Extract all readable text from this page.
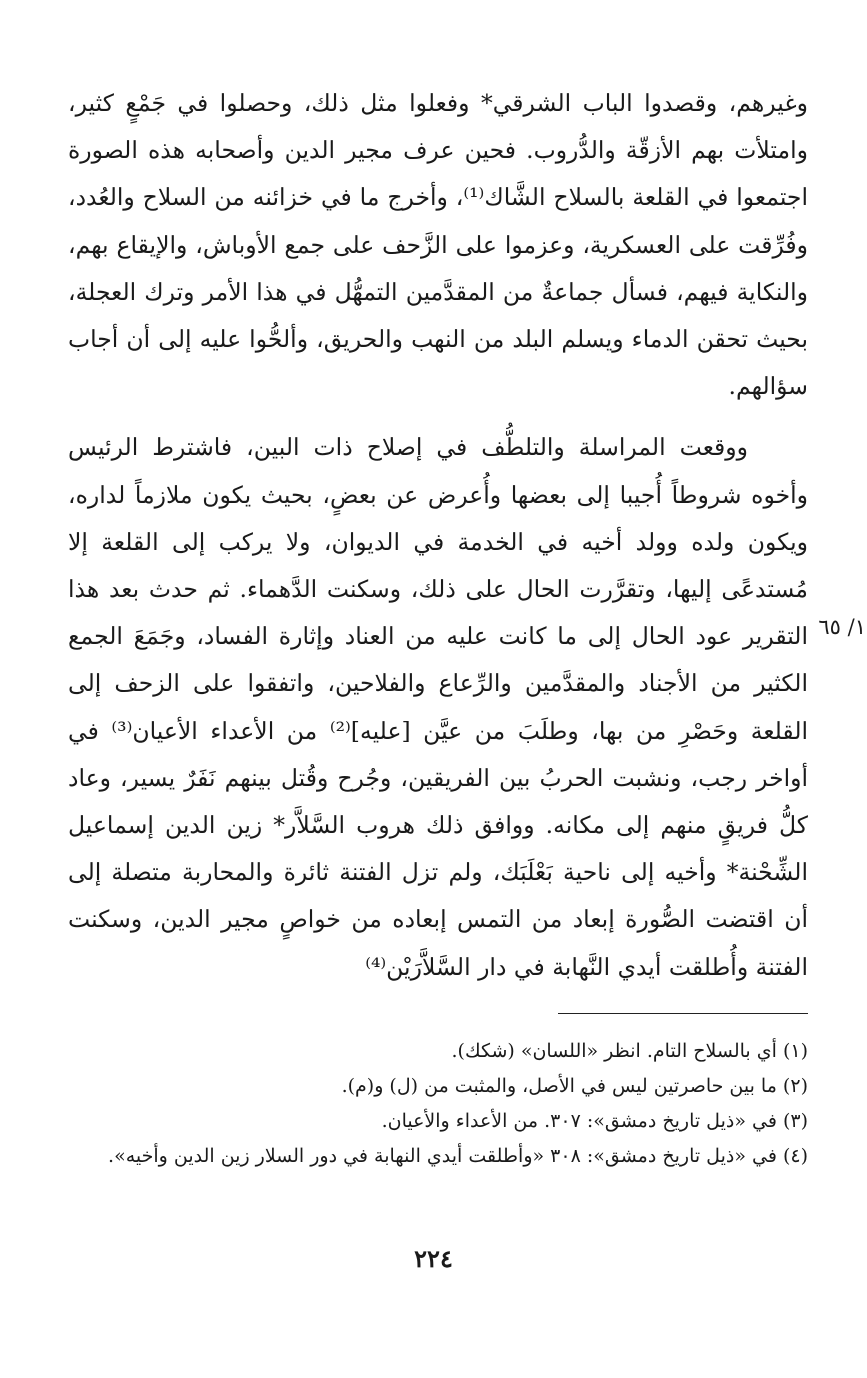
وغيرهم، وقصدوا الباب الشرقي* وفعلوا مثل ذلك، وحصلوا في جَمْعٍ كثير، وامتلأت بهم الأزقّة والدُّروب. فحين عرف مجير الدين وأصحابه هذه الصورة اجتمعوا في القلعة بالسلاح الشَّاك⁽¹⁾، وأخرج ما في خزائنه من السلاح والعُدد، وفُرِّقت على العسكرية، وعزموا على الزَّحف على جمع الأوباش، والإيقاع بهم، والنكاية فيهم، فسأل جماعةٌ من المقدَّمين التمهُّل في هذا الأمر وترك العجلة، بحيث تحقن الدماء ويسلم البلد من النهب والحريق، وألحُّوا عليه إلى أن أجاب سؤالهم.

ووقعت المراسلة والتلطُّف في إصلاح ذات البين، فاشترط الرئيس وأخوه شروطاً أُجيبا إلى بعضها وأُعرض عن بعضٍ، بحيث يكون ملازماً لداره، ويكون ولده وولد أخيه في الخدمة في الديوان، ولا يركب إلى القلعة إلا مُستدعًى إليها، وتقرَّرت الحال على ذلك، وسكنت الدَّهماء. ثم حدث بعد هذا التقرير عود الحال إلى ما كانت عليه من العناد وإثارة الفساد، وجَمَعَ الجمع الكثير من الأجناد والمقدَّمين والرِّعاع والفلاحين، واتفقوا على الزحف إلى القلعة وحَصْرِ من بها، وطلَبَ من عيَّن [عليه]⁽²⁾ من الأعداء الأعيان⁽³⁾ في أواخر رجب، ونشبت الحربُ بين الفريقين، وجُرح وقُتل بينهم نَفَرٌ يسير، وعاد كلُّ فريقٍ منهم إلى مكانه. ووافق ذلك هروب السَّلاَّر* زين الدين إسماعيل الشِّحْنة* وأخيه إلى ناحية بَعْلَبَك، ولم تزل الفتنة ثائرة والمحاربة متصلة إلى أن اقتضت الصُّورة إبعاد من التمس إبعاده من خواصٍ مجير الدين، وسكنت الفتنة وأُطلقت أيدي النَّهابة في دار السَّلاَّرَيْن⁽⁴⁾

١/ ٦٥

(١) أي بالسلاح التام. انظر «اللسان» (شكك).

(٢) ما بين حاصرتين ليس في الأصل، والمثبت من (ل) و(م).

(٣) في «ذيل تاريخ دمشق»: ٣٠٧. من الأعداء والأعيان.

(٤) في «ذيل تاريخ دمشق»: ٣٠٨ «وأطلقت أيدي النهابة في دور السلار زين الدين وأخيه».

٢٢٤
